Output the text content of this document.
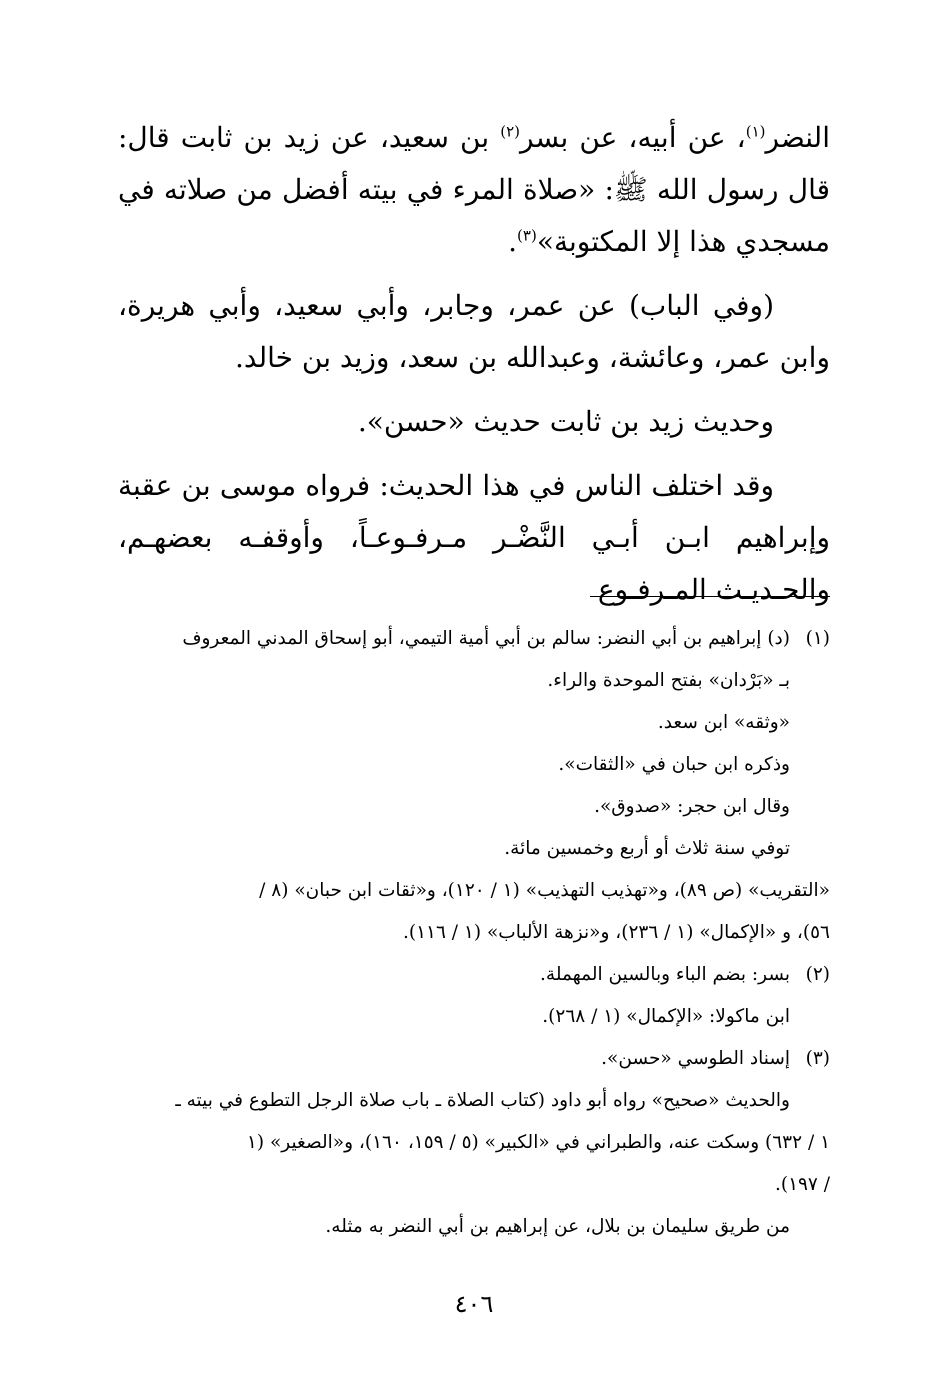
النضر$^{(١)}$، عن أبيه، عن بسر$^{(٢)}$ بن سعيد، عن زيد بن ثابت قال: قال رسول الله ﷺ: «صلاة المرء في بيته أفضل من صلاته في مسجدي هذا إلا المكتوبة»$^{(٣)}$.

(وفي الباب) عن عمر، وجابر، وأبي سعيد، وأبي هريرة، وابن عمر، وعائشة، وعبدالله بن سعد، وزيد بن خالد.

وحديث زيد بن ثابت حديث «حسن».

وقد اختلف الناس في هذا الحديث: فرواه موسى بن عقبة وإبراهيم ابـن أبـي النَّضْـر مـرفـوعـاً، وأوقفـه بعضهـم، والحـديـث المـرفـوع

(١)(د) إبراهيم بن أبي النضر: سالم بن أبي أمية التيمي، أبو إسحاق المدني المعروف
بـ «بَرْدان» بفتح الموحدة والراء.
«وثقه» ابن سعد.
وذكره ابن حبان في «الثقات».
وقال ابن حجر: «صدوق».
توفي سنة ثلاث أو أربع وخمسين مائة.
«التقريب» (ص ٨٩)، و«تهذيب التهذيب» (١ / ١٢٠)، و«ثقات ابن حبان» (٨ /
٥٦)، و «الإكمال» (١ / ٢٣٦)، و«نزهة الألباب» (١ / ١١٦).
(٢)بسر: بضم الباء وبالسين المهملة.
ابن ماكولا: «الإكمال» (١ / ٢٦٨).
(٣)إسناد الطوسي «حسن».
والحديث «صحيح» رواه أبو داود (كتاب الصلاة ـ باب صلاة الرجل التطوع في بيته ـ
١ / ٦٣٢) وسكت عنه، والطبراني في «الكبير» (٥ / ١٥٩، ١٦٠)، و«الصغير» (١
/ ١٩٧).
من طريق سليمان بن بلال، عن إبراهيم بن أبي النضر به مثله.
٤٠٦
